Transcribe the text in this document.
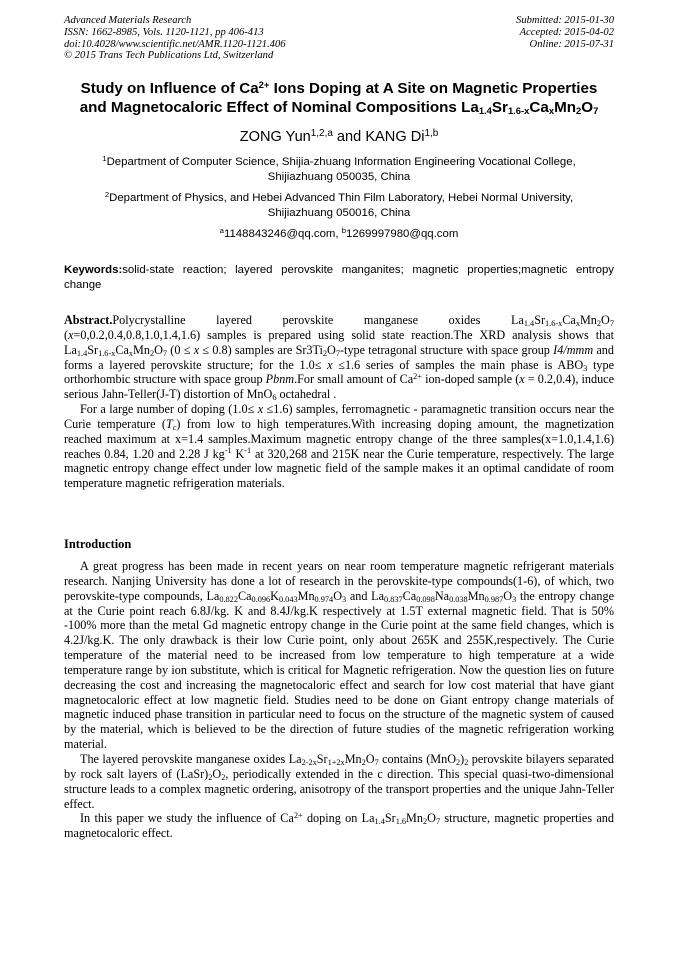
Advanced Materials Research
ISSN: 1662-8985, Vols. 1120-1121, pp 406-413
doi:10.4028/www.scientific.net/AMR.1120-1121.406
© 2015 Trans Tech Publications Ltd, Switzerland
Submitted: 2015-01-30
Accepted: 2015-04-02
Online: 2015-07-31
Study on Influence of $Ca^{2+}$ Ions Doping at A Site on Magnetic Properties
and Magnetocaloric Effect of Nominal Compositions $La_{1.4}Sr_{1.6-x}Ca_xMn_2O_7$
ZONG Yun$^{1,2,a}$ and KANG Di$^{1,b}$
$^1$Department of Computer Science, Shijia-zhuang Information Engineering Vocational College,
Shijiazhuang 050035, China
$^2$Department of Physics, and Hebei Advanced Thin Film Laboratory, Hebei Normal University,
Shijiazhuang 050016, China
$^a$1148843246@qq.com, $^b$1269997980@qq.com
Keywords:solid-state reaction; layered perovskite manganites; magnetic properties;magnetic entropy change

Abstract.Polycrystalline layered perovskite manganese oxides $La_{1.4}Sr_{1.6-x}Ca_xMn_2O_7$ (x=0,0.2,0.4,0.8,1.0,1.4,1.6) samples is prepared using solid state reaction.The XRD analysis shows that $La_{1.4}Sr_{1.6-x}Ca_xMn_2O_7$ (0 ≤ x ≤ 0.8) samples are $Sr3Ti_2O_7$-type tetragonal structure with space group I4/mmm and forms a layered perovskite structure; for the 1.0≤ x ≤1.6 series of samples the main phase is $ABO_3$ type orthorhombic structure with space group Pbnm.For small amount of $Ca^{2+}$ ion-doped sample (x = 0.2,0.4), induce serious Jahn-Teller(J-T) distortion of MnO$_6$ octahedral .

For a large number of doping (1.0≤ x ≤1.6) samples, ferromagnetic - paramagnetic transition occurs near the Curie temperature $(T_c)$ from low to high temperatures.With increasing doping amount, the magnetization reached maximum at x=1.4 samples.Maximum magnetic entropy change of the three samples(x=1.0,1.4,1.6) reaches 0.84, 1.20 and 2.28 J $kg^{-1}$ $K^{-1}$ at 320,268 and 215K near the Curie temperature, respectively. The large magnetic entropy change effect under low magnetic field of the sample makes it an optimal candidate of room temperature magnetic refrigeration materials.

Introduction

A great progress has been made in recent years on near room temperature magnetic refrigerant materials research. Nanjing University has done a lot of research in the perovskite-type compounds(1-6), of which, two perovskite-type compounds, $La_{0.822}Ca_{0.096}K_{0.043}Mn_{0.974}O_3$ and $La_{0.837}Ca_{0.098}Na_{0.038}Mn_{0.987}O_3$ the entropy change at the Curie point reach 6.8J/kg. K and 8.4J/kg.K respectively at 1.5T external magnetic field. That is 50% -100% more than the metal Gd magnetic entropy change in the Curie point at the same field changes, which is 4.2J/kg.K. The only drawback is their low Curie point, only about 265K and 255K,respectively. The Curie temperature of the material need to be increased from low temperature to high temperature at a wide temperature range by ion substitute, which is critical for Magnetic refrigeration. Now the question lies on future decreasing the cost and increasing the magnetocaloric effect and search for low cost material that have giant magnetocaloric effect at low magnetic field. Studies need to be done on Giant entropy change materials of magnetic induced phase transition in particular need to focus on the structure of the magnetic system of caused by the material, which is believed to be the direction of future studies of the magnetic refrigeration working material.

The layered perovskite manganese oxides $La_{2-2x}Sr_{1+2x}Mn_2O_7$ contains $(MnO_2)_2$ perovskite bilayers separated by rock salt layers of $(LaSr)_2O_2$, periodically extended in the c direction. This special quasi-two-dimensional structure leads to a complex magnetic ordering, anisotropy of the transport properties and the unique Jahn-Teller effect.

In this paper we study the influence of $Ca^{2+}$ doping on $La_{1.4}Sr_{1.6}Mn_2O_7$ structure, magnetic properties and magnetocaloric effect.
